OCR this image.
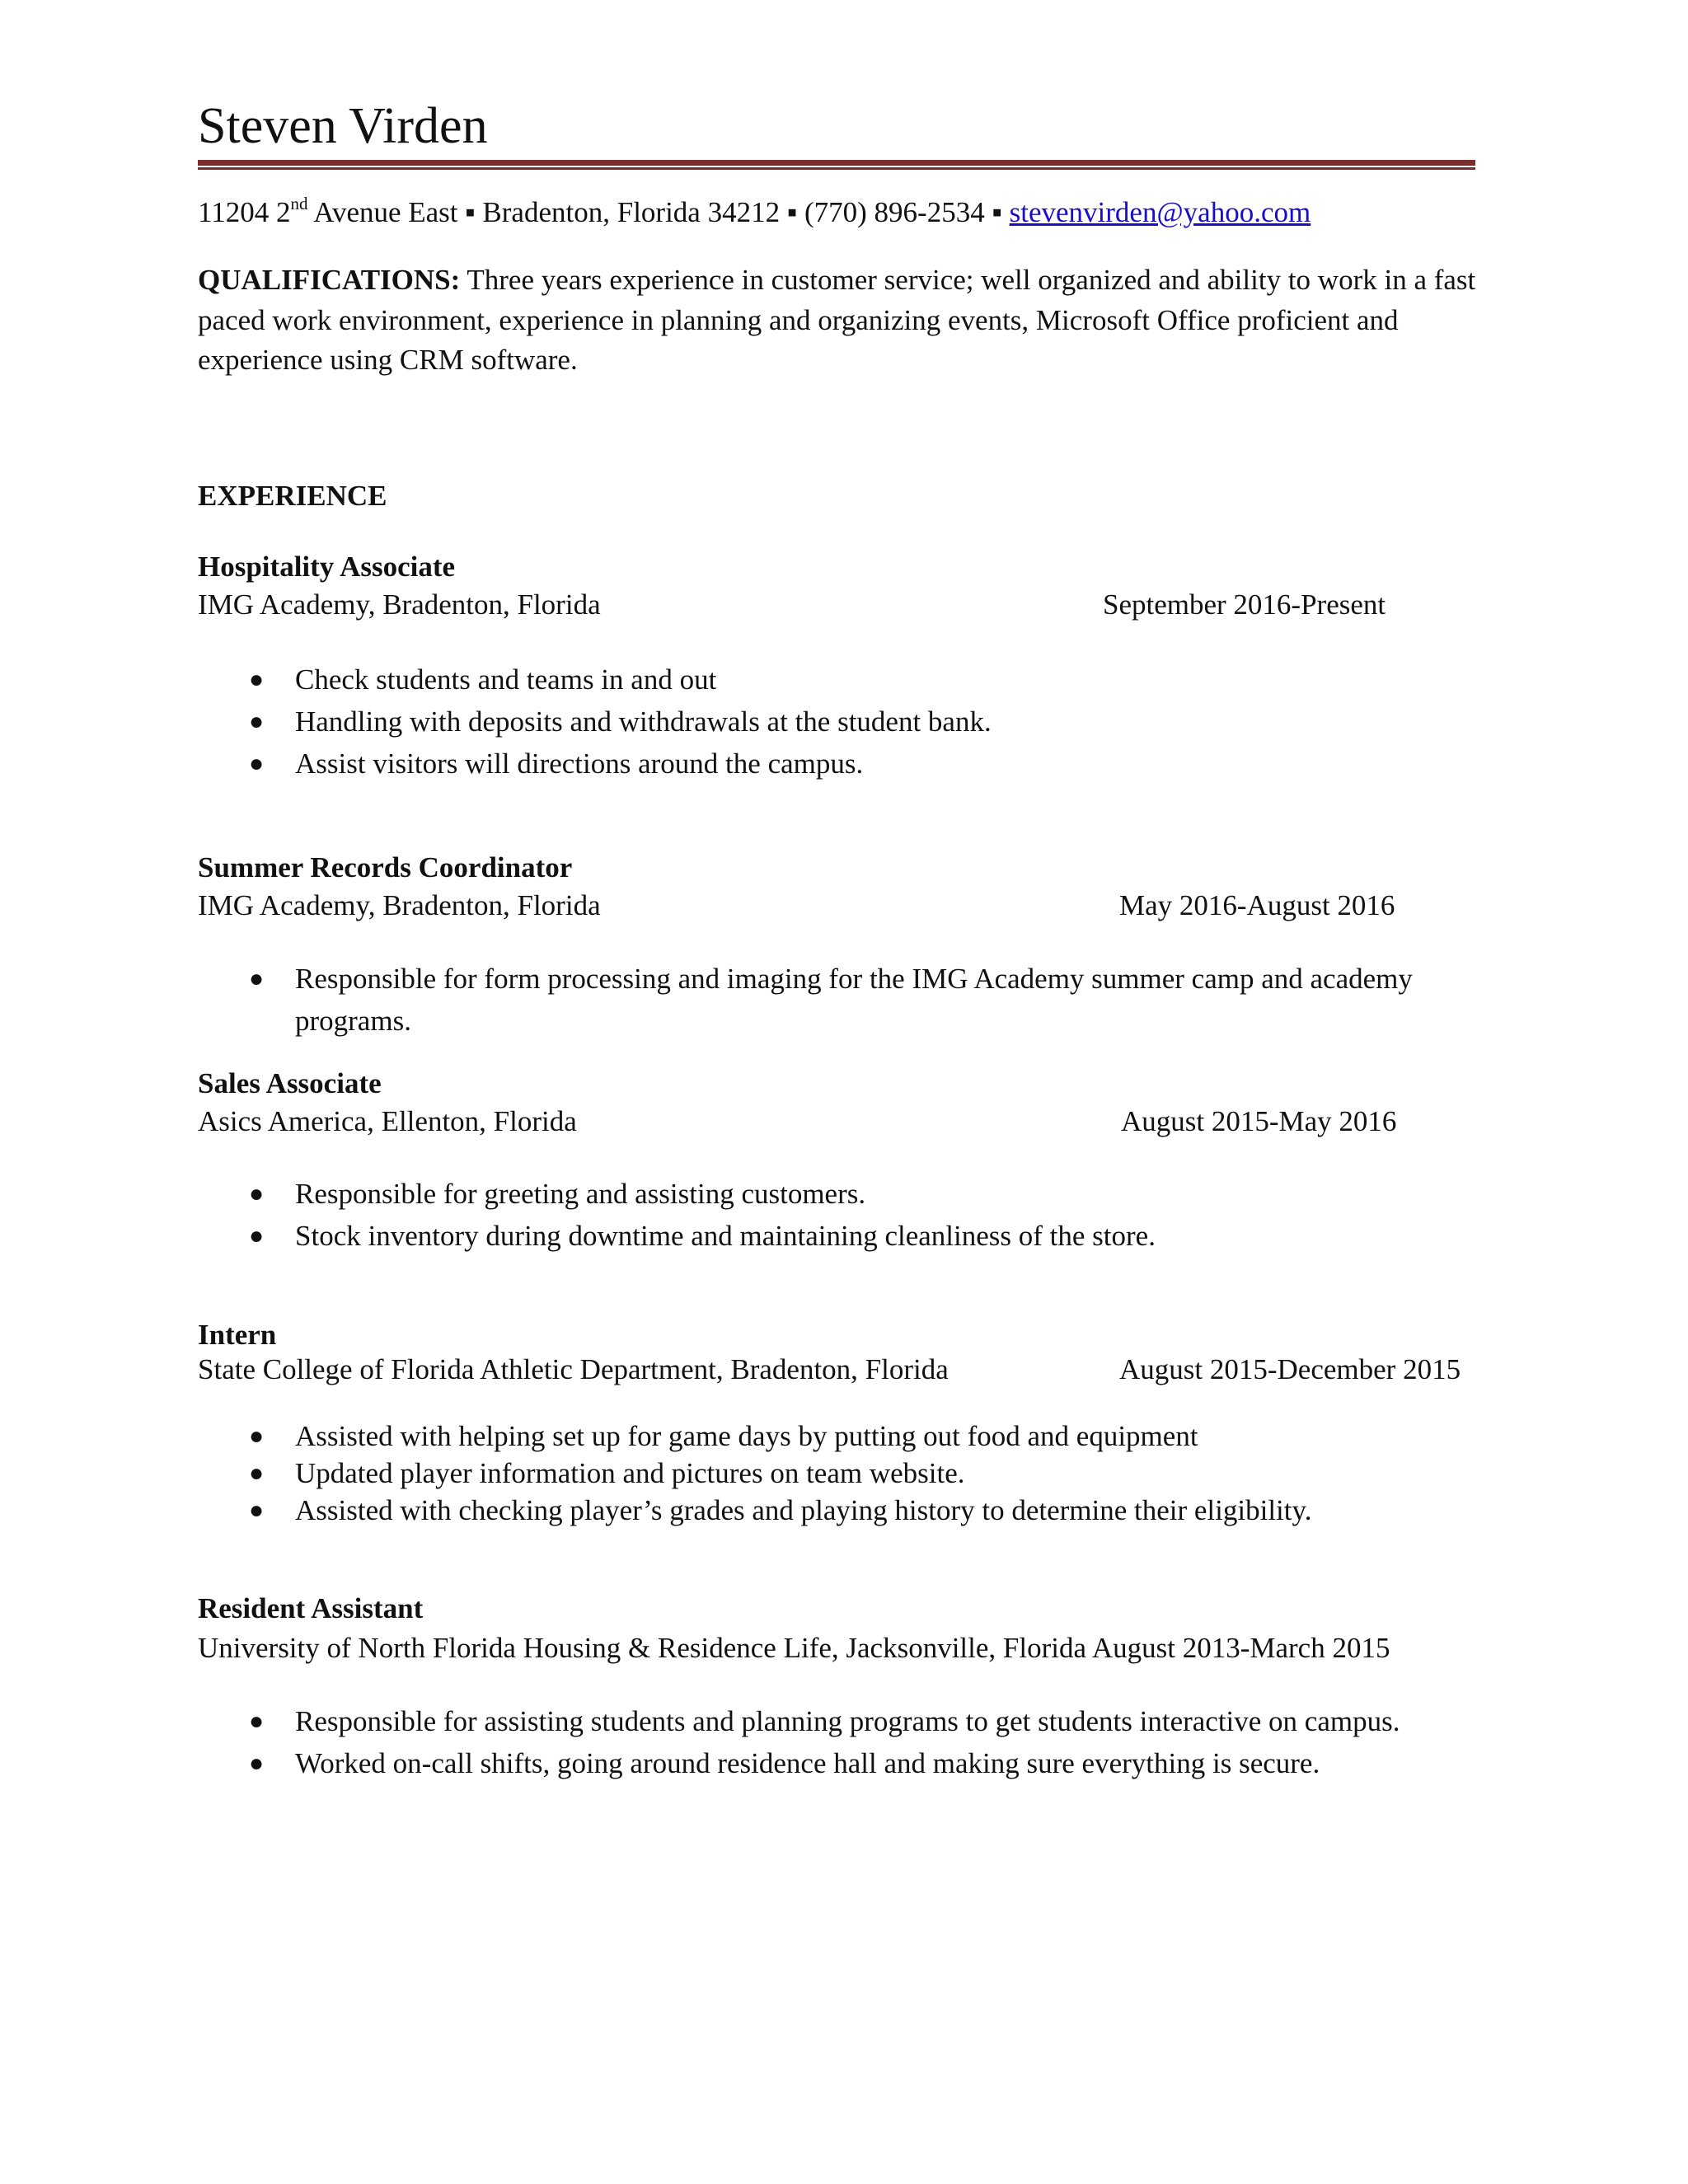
Steven Virden
11204 2nd Avenue East ▪ Bradenton, Florida 34212 ▪ (770) 896-2534 ▪ stevenvirden@yahoo.com
QUALIFICATIONS: Three years experience in customer service; well organized and ability to work in a fast paced work environment, experience in planning and organizing events, Microsoft Office proficient and experience using CRM software.
EXPERIENCE
Hospitality Associate
IMG Academy, Bradenton, Florida	September 2016-Present
● Check students and teams in and out
● Handling with deposits and withdrawals at the student bank.
● Assist visitors will directions around the campus.
Summer Records Coordinator
IMG Academy, Bradenton, Florida	May 2016-August 2016
● Responsible for form processing and imaging for the IMG Academy summer camp and academy programs.
Sales Associate
Asics America, Ellenton, Florida	August 2015-May 2016
● Responsible for greeting and assisting customers.
● Stock inventory during downtime and maintaining cleanliness of the store.
Intern
State College of Florida Athletic Department, Bradenton, Florida	August 2015-December 2015
● Assisted with helping set up for game days by putting out food and equipment
● Updated player information and pictures on team website.
● Assisted with checking player’s grades and playing history to determine their eligibility.
Resident Assistant
University of North Florida Housing & Residence Life, Jacksonville, Florida August 2013-March 2015
● Responsible for assisting students and planning programs to get students interactive on campus.
● Worked on-call shifts, going around residence hall and making sure everything is secure.
